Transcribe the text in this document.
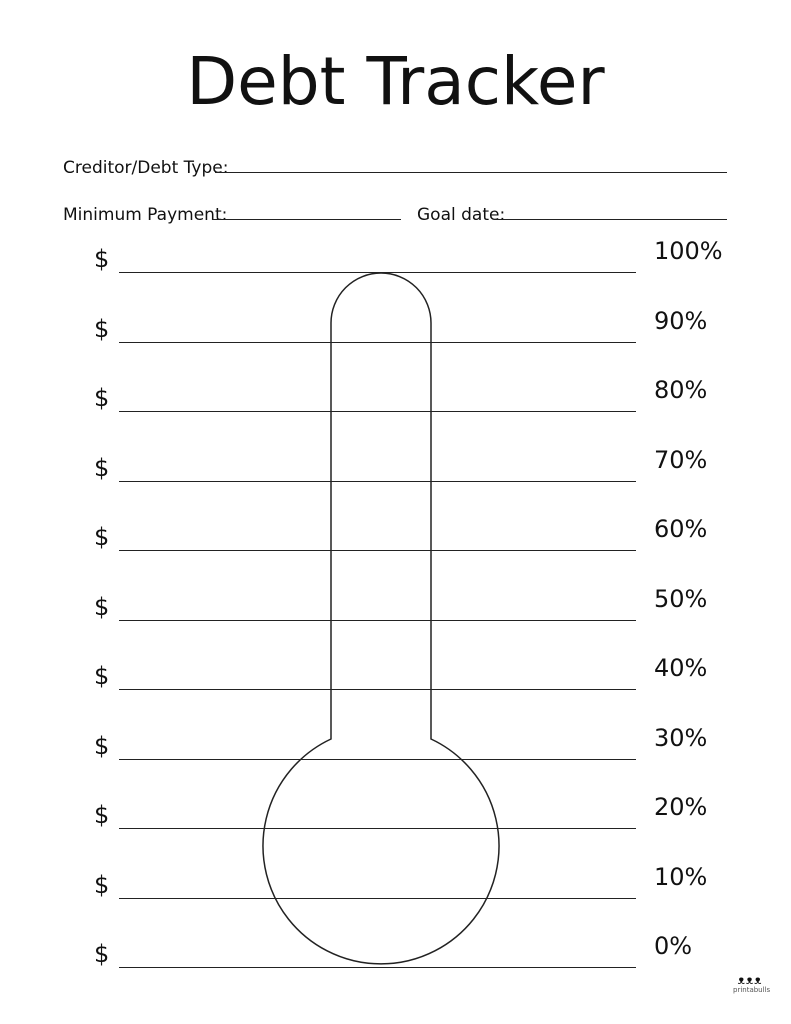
Debt Tracker
Creditor/Debt Type:
Minimum Payment:	Goal date:
$	100%
$	90%
$	80%
$	70%
$	60%
$	50%
$	40%
$	30%
$	20%
$	10%
$	0%
ᴥᴥᴥ
printabulls
